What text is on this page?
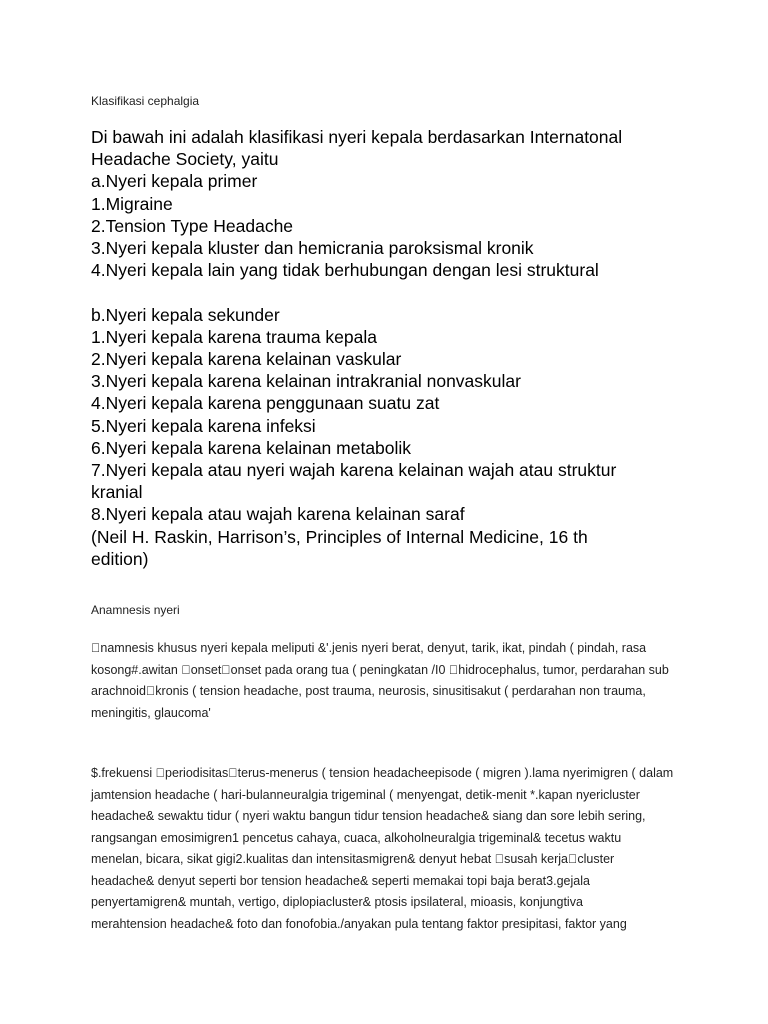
Klasifikasi cephalgia
Di bawah ini adalah klasifikasi nyeri kepala berdasarkan Internatonal
Headache Society, yaitu
a.Nyeri kepala primer
1.Migraine
2.Tension Type Headache
3.Nyeri kepala kluster dan hemicrania paroksismal kronik
4.Nyeri kepala lain yang tidak berhubungan dengan lesi struktural
b.Nyeri kepala sekunder
1.Nyeri kepala karena trauma kepala
2.Nyeri kepala karena kelainan vaskular
3.Nyeri kepala karena kelainan intrakranial nonvaskular
4.Nyeri kepala karena penggunaan suatu zat
5.Nyeri kepala karena infeksi
6.Nyeri kepala karena kelainan metabolik
7.Nyeri kepala atau nyeri wajah karena kelainan wajah atau struktur
kranial
8.Nyeri kepala atau wajah karena kelainan saraf
(Neil H. Raskin, Harrison’s, Principles of Internal Medicine, 16 th
edition)
Anamnesis nyeri
 namnesis khusus nyeri kepala meliputi &'.jenis nyeri berat, denyut, tarik, ikat, pindah ( pindah, rasa
kosong#.awitan  onset onset pada orang tua ( peningkatan /I0  hidrocephalus, tumor, perdarahan sub
arachnoid kronis ( tension headache, post trauma, neurosis, sinusitisakut ( perdarahan non trauma,
meningitis, glaucoma'
$.frekuensi  periodisitas terus-menerus ( tension headacheepisode ( migren ).lama nyerimigren ( dalam
jamtension headache ( hari-bulanneuralgia trigeminal ( menyengat, detik-menit *.kapan nyericluster
headache& sewaktu tidur ( nyeri waktu bangun tidur tension headache& siang dan sore lebih sering,
rangsangan emosimigren1 pencetus cahaya, cuaca, alkoholneuralgia trigeminal& tecetus waktu
menelan, bicara, sikat gigi2.kualitas dan intensitasmigren& denyut hebat  susah kerja cluster
headache& denyut seperti bor tension headache& seperti memakai topi baja berat3.gejala
penyertamigren& muntah, vertigo, diplopiacluster& ptosis ipsilateral, mioasis, konjungtiva
merahtension headache& foto dan fonofobia./anyakan pula tentang faktor presipitasi, faktor yang
